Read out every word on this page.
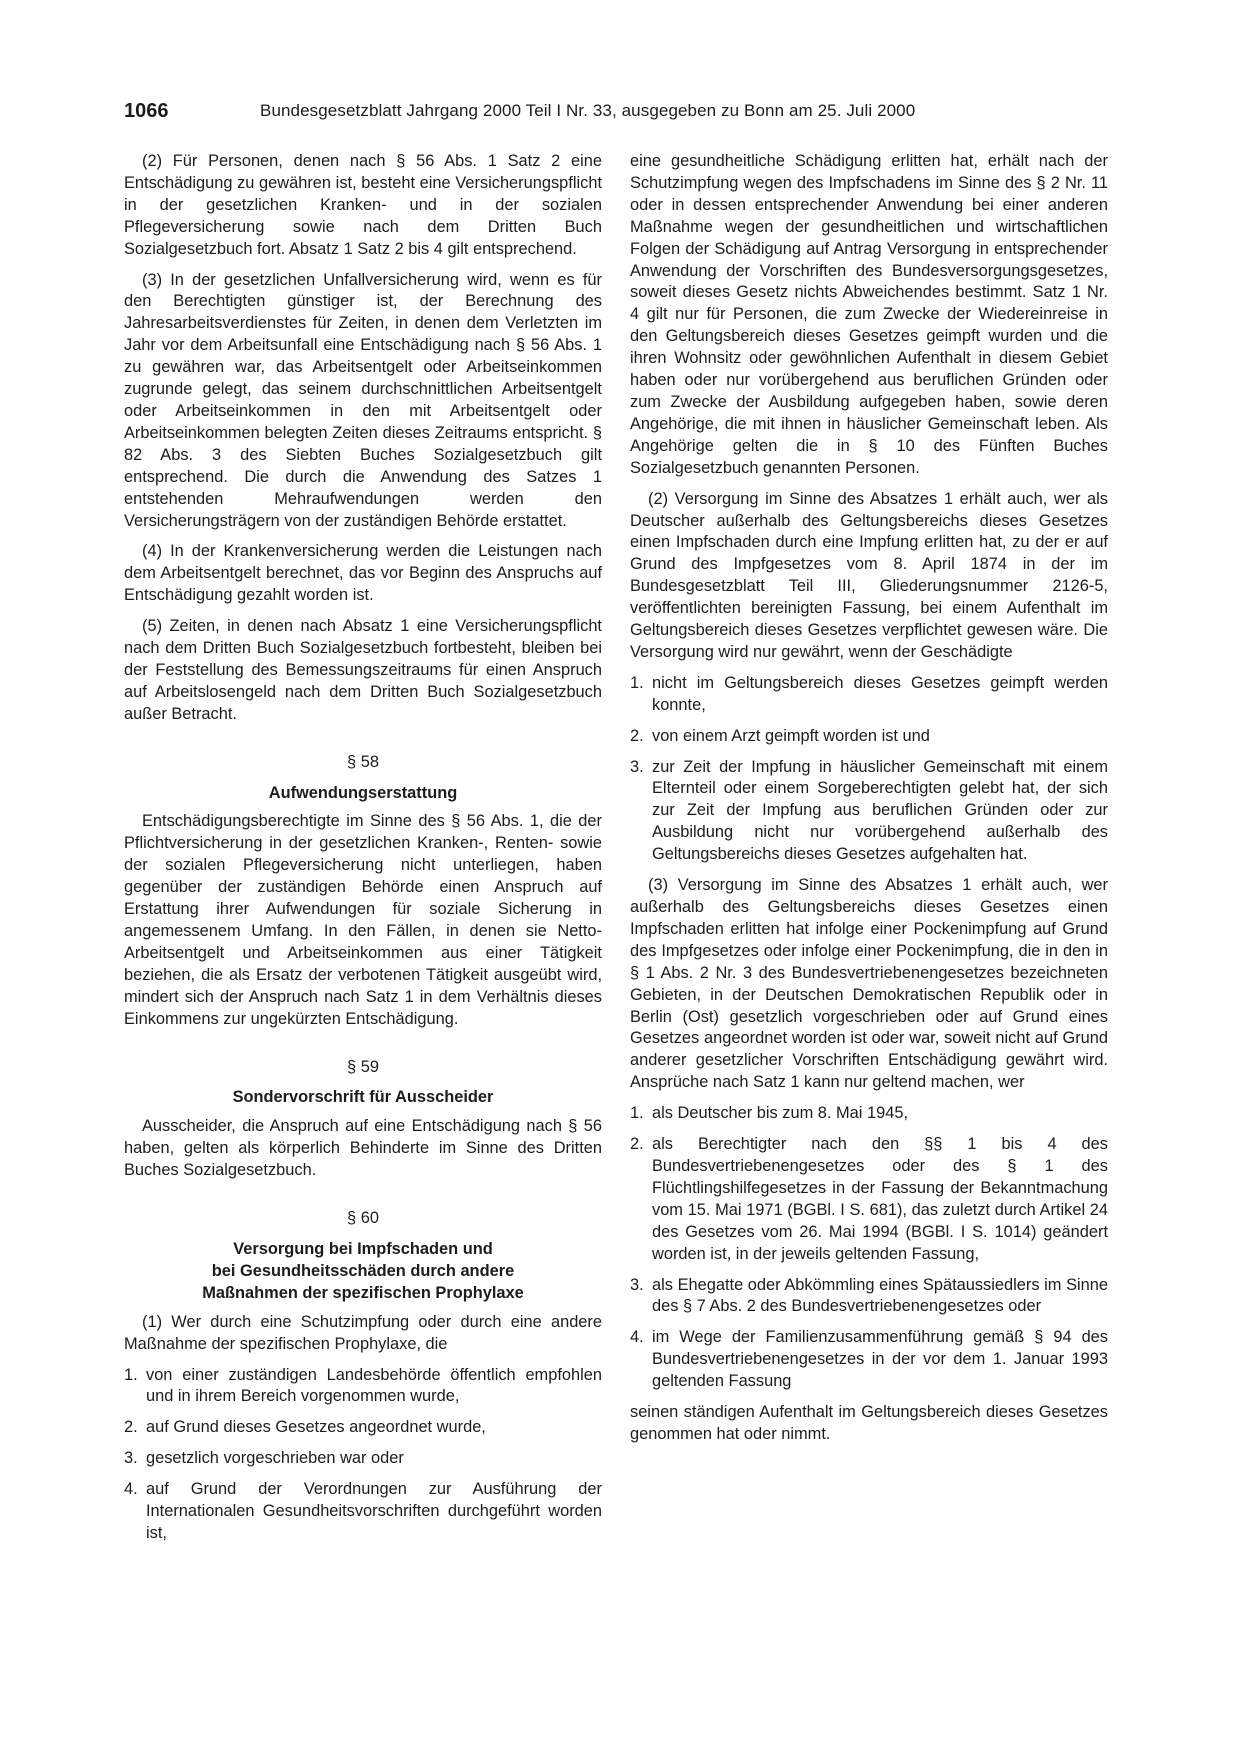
1066	Bundesgesetzblatt Jahrgang 2000 Teil I Nr. 33, ausgegeben zu Bonn am 25. Juli 2000

(2) Für Personen, denen nach § 56 Abs. 1 Satz 2 eine Entschädigung zu gewähren ist, besteht eine Versicherungspflicht in der gesetzlichen Kranken- und in der sozialen Pflegeversicherung sowie nach dem Dritten Buch Sozialgesetzbuch fort. Absatz 1 Satz 2 bis 4 gilt entsprechend.

(3) In der gesetzlichen Unfallversicherung wird, wenn es für den Berechtigten günstiger ist, der Berechnung des Jahresarbeitsverdienstes für Zeiten, in denen dem Verletzten im Jahr vor dem Arbeitsunfall eine Entschädigung nach § 56 Abs. 1 zu gewähren war, das Arbeitsentgelt oder Arbeitseinkommen zugrunde gelegt, das seinem durchschnittlichen Arbeitsentgelt oder Arbeitseinkommen in den mit Arbeitsentgelt oder Arbeitseinkommen belegten Zeiten dieses Zeitraums entspricht. § 82 Abs. 3 des Siebten Buches Sozialgesetzbuch gilt entsprechend. Die durch die Anwendung des Satzes 1 entstehenden Mehraufwendungen werden den Versicherungsträgern von der zuständigen Behörde erstattet.

(4) In der Krankenversicherung werden die Leistungen nach dem Arbeitsentgelt berechnet, das vor Beginn des Anspruchs auf Entschädigung gezahlt worden ist.

(5) Zeiten, in denen nach Absatz 1 eine Versicherungspflicht nach dem Dritten Buch Sozialgesetzbuch fortbesteht, bleiben bei der Feststellung des Bemessungszeitraums für einen Anspruch auf Arbeitslosengeld nach dem Dritten Buch Sozialgesetzbuch außer Betracht.

§ 58
Aufwendungserstattung

Entschädigungsberechtigte im Sinne des § 56 Abs. 1, die der Pflichtversicherung in der gesetzlichen Kranken-, Renten- sowie der sozialen Pflegeversicherung nicht unterliegen, haben gegenüber der zuständigen Behörde einen Anspruch auf Erstattung ihrer Aufwendungen für soziale Sicherung in angemessenem Umfang. In den Fällen, in denen sie Netto-Arbeitsentgelt und Arbeitseinkommen aus einer Tätigkeit beziehen, die als Ersatz der verbotenen Tätigkeit ausgeübt wird, mindert sich der Anspruch nach Satz 1 in dem Verhältnis dieses Einkommens zur ungekürzten Entschädigung.

§ 59
Sondervorschrift für Ausscheider

Ausscheider, die Anspruch auf eine Entschädigung nach § 56 haben, gelten als körperlich Behinderte im Sinne des Dritten Buches Sozialgesetzbuch.

§ 60
Versorgung bei Impfschaden und
bei Gesundheitsschäden durch andere
Maßnahmen der spezifischen Prophylaxe

(1) Wer durch eine Schutzimpfung oder durch eine andere Maßnahme der spezifischen Prophylaxe, die

1. von einer zuständigen Landesbehörde öffentlich empfohlen und in ihrem Bereich vorgenommen wurde,
2. auf Grund dieses Gesetzes angeordnet wurde,
3. gesetzlich vorgeschrieben war oder
4. auf Grund der Verordnungen zur Ausführung der Internationalen Gesundheitsvorschriften durchgeführt worden ist,

eine gesundheitliche Schädigung erlitten hat, erhält nach der Schutzimpfung wegen des Impfschadens im Sinne des § 2 Nr. 11 oder in dessen entsprechender Anwendung bei einer anderen Maßnahme wegen der gesundheitlichen und wirtschaftlichen Folgen der Schädigung auf Antrag Versorgung in entsprechender Anwendung der Vorschriften des Bundesversorgungsgesetzes, soweit dieses Gesetz nichts Abweichendes bestimmt. Satz 1 Nr. 4 gilt nur für Personen, die zum Zwecke der Wiedereinreise in den Geltungsbereich dieses Gesetzes geimpft wurden und die ihren Wohnsitz oder gewöhnlichen Aufenthalt in diesem Gebiet haben oder nur vorübergehend aus beruflichen Gründen oder zum Zwecke der Ausbildung aufgegeben haben, sowie deren Angehörige, die mit ihnen in häuslicher Gemeinschaft leben. Als Angehörige gelten die in § 10 des Fünften Buches Sozialgesetzbuch genannten Personen.

(2) Versorgung im Sinne des Absatzes 1 erhält auch, wer als Deutscher außerhalb des Geltungsbereichs dieses Gesetzes einen Impfschaden durch eine Impfung erlitten hat, zu der er auf Grund des Impfgesetzes vom 8. April 1874 in der im Bundesgesetzblatt Teil III, Gliederungsnummer 2126-5, veröffentlichten bereinigten Fassung, bei einem Aufenthalt im Geltungsbereich dieses Gesetzes verpflichtet gewesen wäre. Die Versorgung wird nur gewährt, wenn der Geschädigte

1. nicht im Geltungsbereich dieses Gesetzes geimpft werden konnte,
2. von einem Arzt geimpft worden ist und
3. zur Zeit der Impfung in häuslicher Gemeinschaft mit einem Elternteil oder einem Sorgeberechtigten gelebt hat, der sich zur Zeit der Impfung aus beruflichen Gründen oder zur Ausbildung nicht nur vorübergehend außerhalb des Geltungsbereichs dieses Gesetzes aufgehalten hat.

(3) Versorgung im Sinne des Absatzes 1 erhält auch, wer außerhalb des Geltungsbereichs dieses Gesetzes einen Impfschaden erlitten hat infolge einer Pockenimpfung auf Grund des Impfgesetzes oder infolge einer Pockenimpfung, die in den in § 1 Abs. 2 Nr. 3 des Bundesvertriebenengesetzes bezeichneten Gebieten, in der Deutschen Demokratischen Republik oder in Berlin (Ost) gesetzlich vorgeschrieben oder auf Grund eines Gesetzes angeordnet worden ist oder war, soweit nicht auf Grund anderer gesetzlicher Vorschriften Entschädigung gewährt wird. Ansprüche nach Satz 1 kann nur geltend machen, wer

1. als Deutscher bis zum 8. Mai 1945,
2. als Berechtigter nach den §§ 1 bis 4 des Bundesvertriebenengesetzes oder des § 1 des Flüchtlingshilfegesetzes in der Fassung der Bekanntmachung vom 15. Mai 1971 (BGBl. I S. 681), das zuletzt durch Artikel 24 des Gesetzes vom 26. Mai 1994 (BGBl. I S. 1014) geändert worden ist, in der jeweils geltenden Fassung,
3. als Ehegatte oder Abkömmling eines Spätaussiedlers im Sinne des § 7 Abs. 2 des Bundesvertriebenengesetzes oder
4. im Wege der Familienzusammenführung gemäß § 94 des Bundesvertriebenengesetzes in der vor dem 1. Januar 1993 geltenden Fassung

seinen ständigen Aufenthalt im Geltungsbereich dieses Gesetzes genommen hat oder nimmt.
